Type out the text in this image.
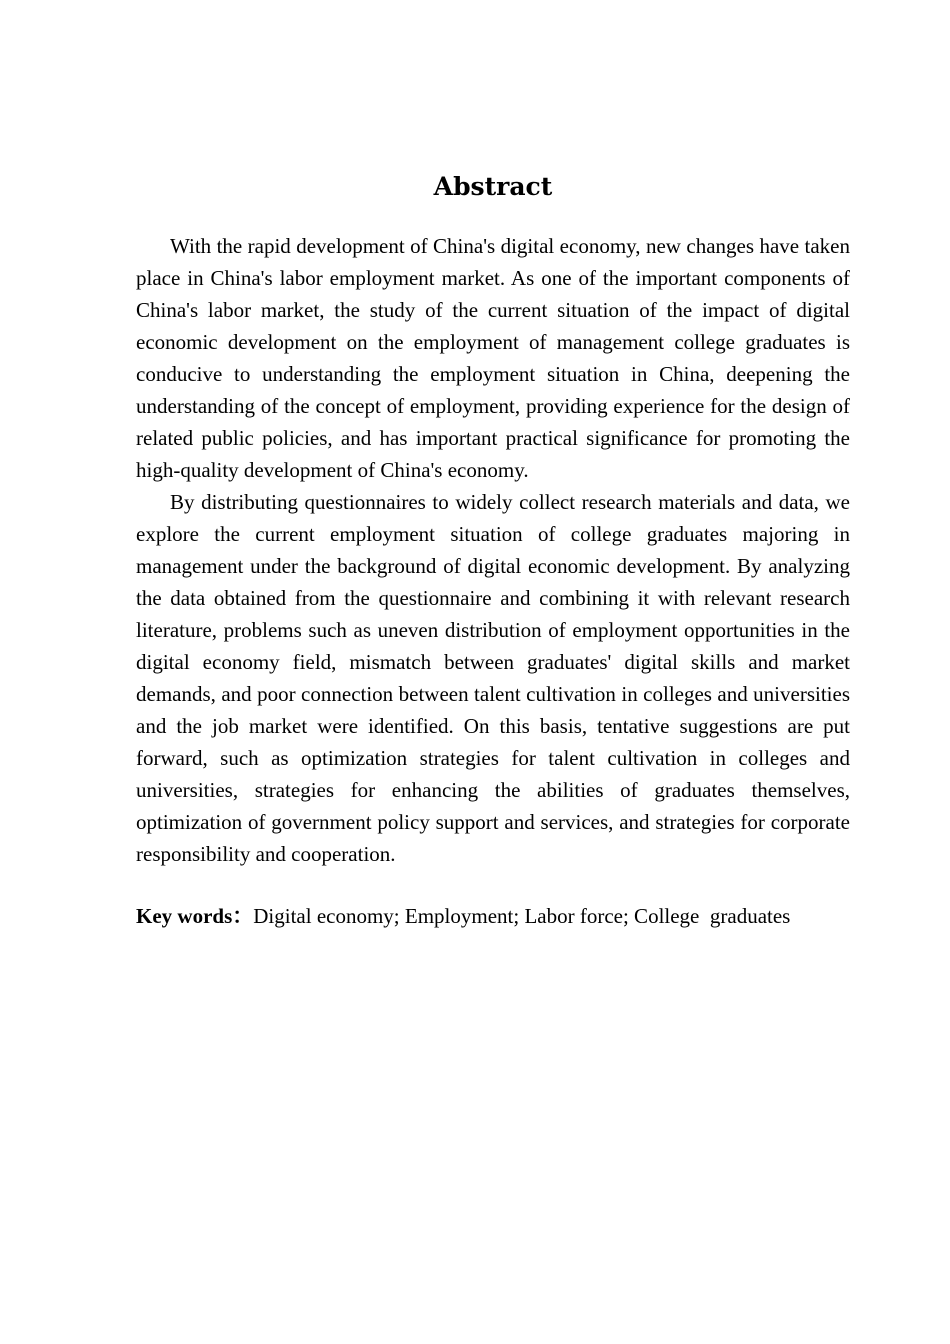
Abstract

With the rapid development of China's digital economy, new changes have taken place in China's labor employment market. As one of the important components of China's labor market, the study of the current situation of the impact of digital economic development on the employment of management college graduates is conducive to understanding the employment situation in China, deepening the understanding of the concept of employment, providing experience for the design of related public policies, and has important practical significance for promoting the high-quality development of China's economy.

By distributing questionnaires to widely collect research materials and data, we explore the current employment situation of college graduates majoring in management under the background of digital economic development. By analyzing the data obtained from the questionnaire and combining it with relevant research literature, problems such as uneven distribution of employment opportunities in the digital economy field, mismatch between graduates' digital skills and market demands, and poor connection between talent cultivation in colleges and universities and the job market were identified. On this basis, tentative suggestions are put forward, such as optimization strategies for talent cultivation in colleges and universities, strategies for enhancing the abilities of graduates themselves, optimization of government policy support and services, and strategies for corporate responsibility and cooperation.

Key words：Digital economy; Employment; Labor force; College  graduates
